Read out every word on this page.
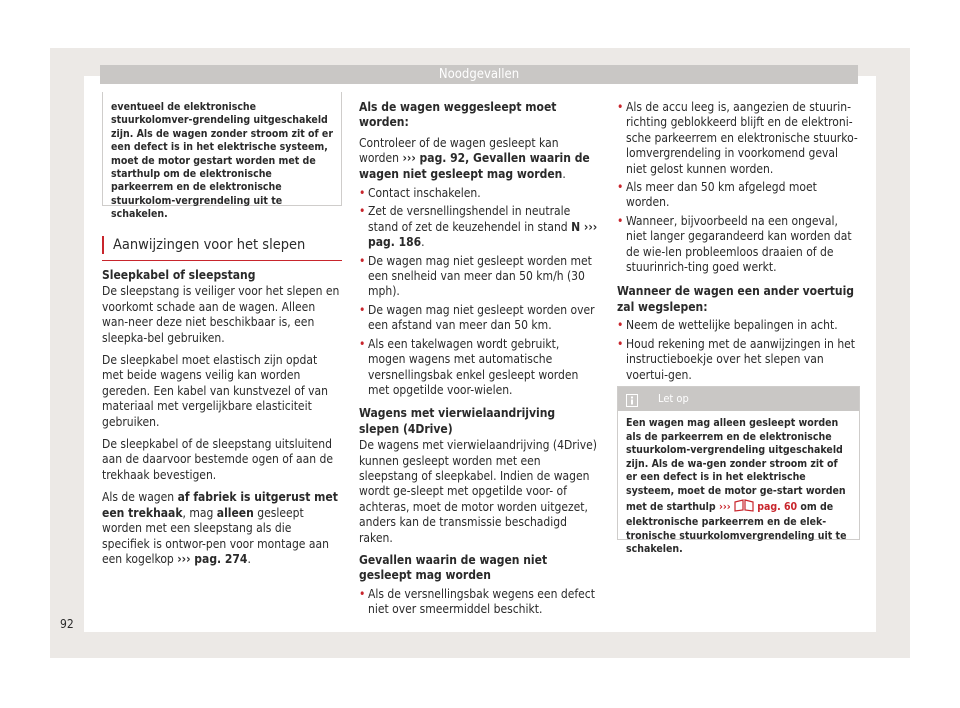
Noodgevallen
eventueel de elektronische stuurkolomver-grendeling uitgeschakeld zijn. Als de wagen zonder stroom zit of er een defect is in het elektrische systeem, moet de motor gestart worden met de starthulp om de elektronische parkeerrem en de elektronische stuurkolom-vergrendeling uit te schakelen.
Aanwijzingen voor het slepen

Sleepkabel of sleepstang

De sleepstang is veiliger voor het slepen en voorkomt schade aan de wagen. Alleen wan-neer deze niet beschikbaar is, een sleepka-bel gebruiken.

De sleepkabel moet elastisch zijn opdat met beide wagens veilig kan worden gereden. Een kabel van kunstvezel of van materiaal met vergelijkbare elasticiteit gebruiken.

De sleepkabel of de sleepstang uitsluitend aan de daarvoor bestemde ogen of aan de trekhaak bevestigen.

Als de wagen af fabriek is uitgerust met een trekhaak, mag alleen gesleept worden met een sleepstang als die specifiek is ontwor-pen voor montage aan een kogelkop ››› pag. 274.

Als de wagen weggesleept moet worden:

Controleer of de wagen gesleept kan worden ››› pag. 92, Gevallen waarin de wagen niet gesleept mag worden.

• Contact inschakelen.
• Zet de versnellingshendel in neutrale stand of zet de keuzehendel in stand N ››› pag. 186.
• De wagen mag niet gesleept worden met een snelheid van meer dan 50 km/h (30 mph).
• De wagen mag niet gesleept worden over een afstand van meer dan 50 km.
• Als een takelwagen wordt gebruikt, mogen wagens met automatische versnellingsbak enkel gesleept worden met opgetilde voor-wielen.

Wagens met vierwielaandrijving slepen (4Drive)

De wagens met vierwielaandrijving (4Drive) kunnen gesleept worden met een sleepstang of sleepkabel. Indien de wagen wordt ge-sleept met opgetilde voor- of achteras, moet de motor worden uitgezet, anders kan de transmissie beschadigd raken.

Gevallen waarin de wagen niet gesleept mag worden

• Als de versnellingsbak wegens een defect niet over smeermiddel beschikt.
• Als de accu leeg is, aangezien de stuurin-richting geblokkeerd blijft en de elektroni-sche parkeerrem en elektronische stuurko-lomvergrendeling in voorkomend geval niet gelost kunnen worden.
• Als meer dan 50 km afgelegd moet worden.
• Wanneer, bijvoorbeeld na een ongeval, niet langer gegarandeerd kan worden dat de wie-len probleemloos draaien of de stuurinrich-ting goed werkt.

Wanneer de wagen een ander voertuig zal wegslepen:

• Neem de wettelijke bepalingen in acht.
• Houd rekening met de aanwijzingen in het instructieboekje over het slepen van voertui-gen.
Let op
Een wagen mag alleen gesleept worden als de parkeerrem en de elektronische stuurkolom-vergrendeling uitgeschakeld zijn. Als de wa-gen zonder stroom zit of er een defect is in het elektrische systeem, moet de motor ge-start worden met de starthulp ›››  pag. 60 om de elektronische parkeerrem en de elek-tronische stuurkolomvergrendeling uit te schakelen.
92
